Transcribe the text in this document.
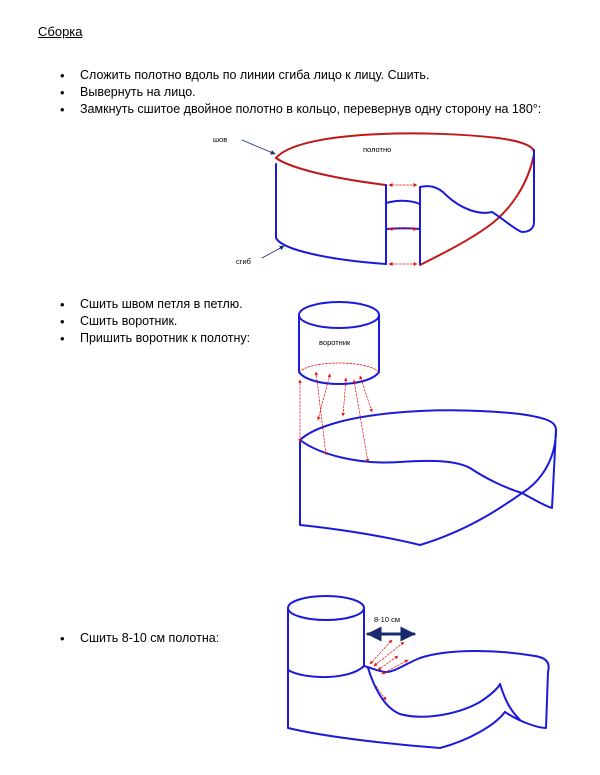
Сборка
• Сложить полотно вдоль по линии сгиба лицо к лицу. Сшить.
• Вывернуть на лицо.
• Замкнуть сшитое двойное полотно в кольцо, перевернув одну сторону на 180°:
• Сшить швом петля в петлю.
• Сшить воротник.
• Пришить воротник к полотну:
• Сшить 8-10 см полотна:
шов
полотно
сгиб
воротник
8-10 см
